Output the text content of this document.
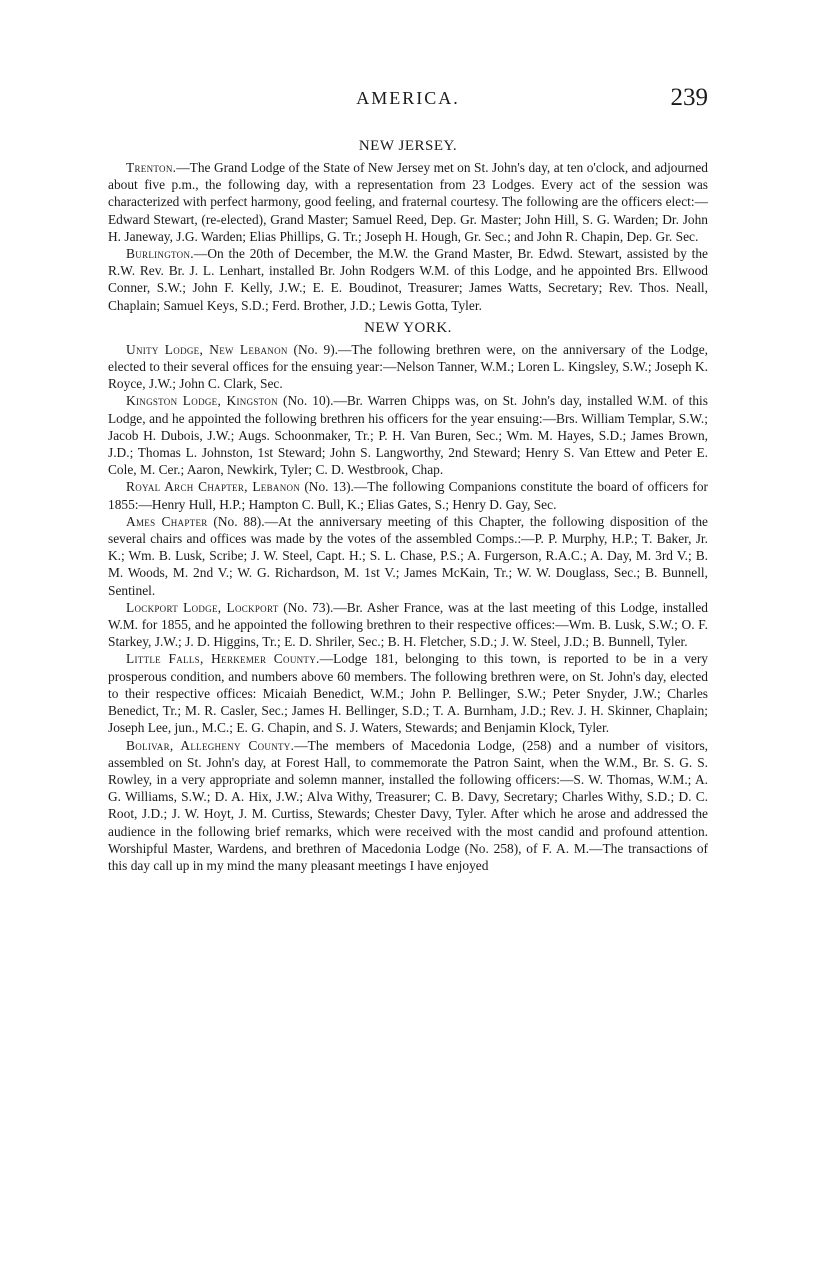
AMERICA.	239
NEW JERSEY.

Trenton.—The Grand Lodge of the State of New Jersey met on St. John's day, at ten o'clock, and adjourned about five p.m., the following day, with a representation from 23 Lodges. Every act of the session was characterized with perfect harmony, good feeling, and fraternal courtesy. The following are the officers elect:—Edward Stewart, (re-elected), Grand Master; Samuel Reed, Dep. Gr. Master; John Hill, S. G. Warden; Dr. John H. Janeway, J.G. Warden; Elias Phillips, G. Tr.; Joseph H. Hough, Gr. Sec.; and John R. Chapin, Dep. Gr. Sec.

Burlington.—On the 20th of December, the M.W. the Grand Master, Br. Edwd. Stewart, assisted by the R.W. Rev. Br. J. L. Lenhart, installed Br. John Rodgers W.M. of this Lodge, and he appointed Brs. Ellwood Conner, S.W.; John F. Kelly, J.W.; E. E. Boudinot, Treasurer; James Watts, Secretary; Rev. Thos. Neall, Chaplain; Samuel Keys, S.D.; Ferd. Brother, J.D.; Lewis Gotta, Tyler.

NEW YORK.

Unity Lodge, New Lebanon (No. 9).—The following brethren were, on the anniversary of the Lodge, elected to their several offices for the ensuing year:—Nelson Tanner, W.M.; Loren L. Kingsley, S.W.; Joseph K. Royce, J.W.; John C. Clark, Sec.

Kingston Lodge, Kingston (No. 10).—Br. Warren Chipps was, on St. John's day, installed W.M. of this Lodge, and he appointed the following brethren his officers for the year ensuing:—Brs. William Templar, S.W.; Jacob H. Dubois, J.W.; Augs. Schoonmaker, Tr.; P. H. Van Buren, Sec.; Wm. M. Hayes, S.D.; James Brown, J.D.; Thomas L. Johnston, 1st Steward; John S. Langworthy, 2nd Steward; Henry S. Van Ettew and Peter E. Cole, M. Cer.; Aaron, Newkirk, Tyler; C. D. Westbrook, Chap.

Royal Arch Chapter, Lebanon (No. 13).—The following Companions constitute the board of officers for 1855:—Henry Hull, H.P.; Hampton C. Bull, K.; Elias Gates, S.; Henry D. Gay, Sec.

Ames Chapter (No. 88).—At the anniversary meeting of this Chapter, the following disposition of the several chairs and offices was made by the votes of the assembled Comps.:—P. P. Murphy, H.P.; T. Baker, Jr. K.; Wm. B. Lusk, Scribe; J. W. Steel, Capt. H.; S. L. Chase, P.S.; A. Furgerson, R.A.C.; A. Day, M. 3rd V.; B. M. Woods, M. 2nd V.; W. G. Richardson, M. 1st V.; James McKain, Tr.; W. W. Douglass, Sec.; B. Bunnell, Sentinel.

Lockport Lodge, Lockport (No. 73).—Br. Asher France, was at the last meeting of this Lodge, installed W.M. for 1855, and he appointed the following brethren to their respective offices:—Wm. B. Lusk, S.W.; O. F. Starkey, J.W.; J. D. Higgins, Tr.; E. D. Shriler, Sec.; B. H. Fletcher, S.D.; J. W. Steel, J.D.; B. Bunnell, Tyler.

Little Falls, Herkemer County.—Lodge 181, belonging to this town, is reported to be in a very prosperous condition, and numbers above 60 members. The following brethren were, on St. John's day, elected to their respective offices: Micaiah Benedict, W.M.; John P. Bellinger, S.W.; Peter Snyder, J.W.; Charles Benedict, Tr.; M. R. Casler, Sec.; James H. Bellinger, S.D.; T. A. Burnham, J.D.; Rev. J. H. Skinner, Chaplain; Joseph Lee, jun., M.C.; E. G. Chapin, and S. J. Waters, Stewards; and Benjamin Klock, Tyler.

Bolivar, Allegheny County.—The members of Macedonia Lodge, (258) and a number of visitors, assembled on St. John's day, at Forest Hall, to commemorate the Patron Saint, when the W.M., Br. S. G. S. Rowley, in a very appropriate and solemn manner, installed the following officers:—S. W. Thomas, W.M.; A. G. Williams, S.W.; D. A. Hix, J.W.; Alva Withy, Treasurer; C. B. Davy, Secretary; Charles Withy, S.D.; D. C. Root, J.D.; J. W. Hoyt, J. M. Curtiss, Stewards; Chester Davy, Tyler. After which he arose and addressed the audience in the following brief remarks, which were received with the most candid and profound attention. Worshipful Master, Wardens, and brethren of Macedonia Lodge (No. 258), of F. A. M.—The transactions of this day call up in my mind the many pleasant meetings I have enjoyed
